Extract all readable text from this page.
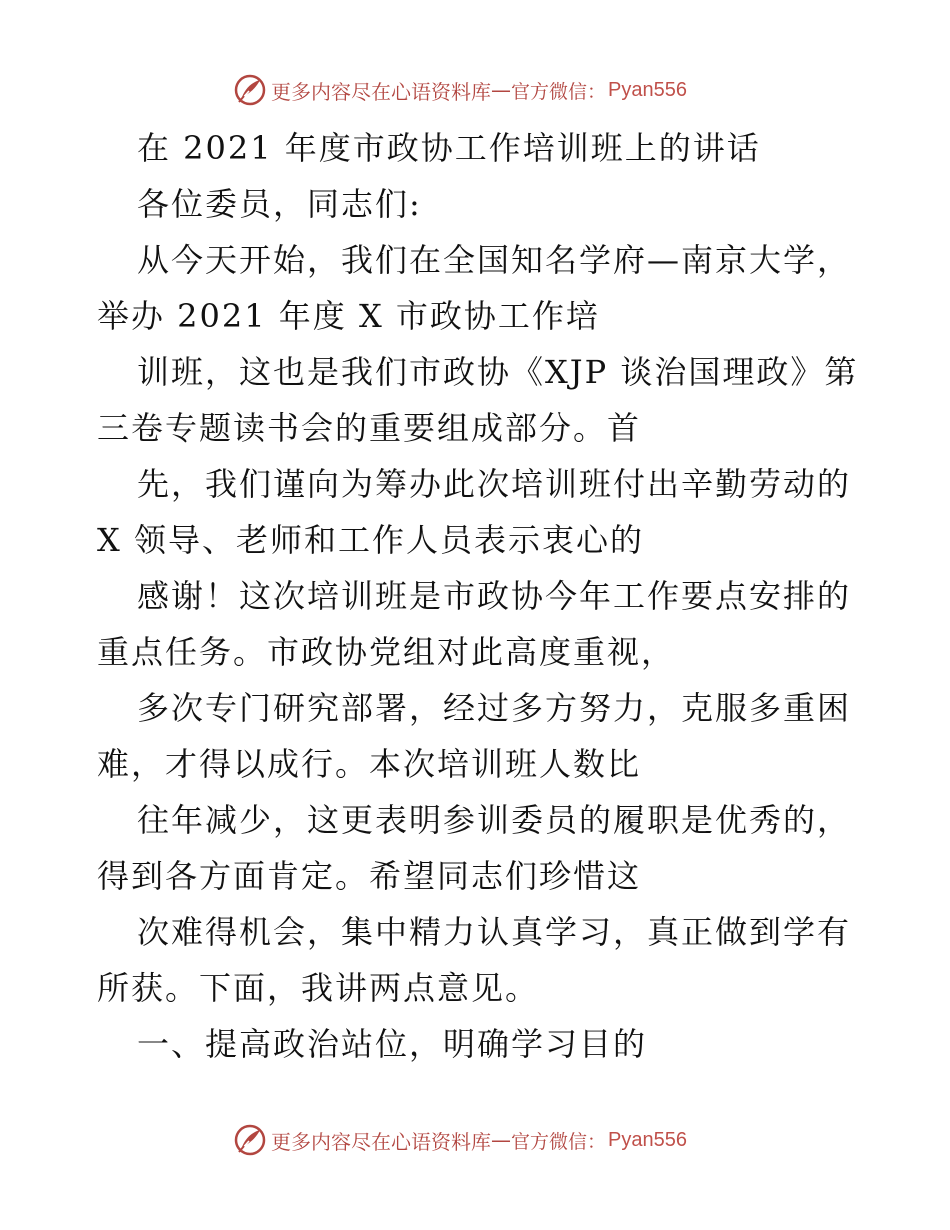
更多内容尽在心语资料库 — 官方微信： Pyan556
在 2021 年度市政协工作培训班上的讲话
各位委员，同志们:
从今天开始，我们在全国知名学府—南京大学，
举办 2021 年度 X 市政协工作培
训班，这也是我们市政协《XJP 谈治国理政》第
三卷专题读书会的重要组成部分。首
先，我们谨向为筹办此次培训班付出辛勤劳动的
X 领导、老师和工作人员表示衷心的
感谢！这次培训班是市政协今年工作要点安排的
重点任务。市政协党组对此高度重视，
多次专门研究部署，经过多方努力，克服多重困
难，才得以成行。本次培训班人数比
往年减少，这更表明参训委员的履职是优秀的，
得到各方面肯定。希望同志们珍惜这
次难得机会，集中精力认真学习，真正做到学有
所获。下面，我讲两点意见。
一、提高政治站位，明确学习目的
更多内容尽在心语资料库 — 官方微信： Pyan556
